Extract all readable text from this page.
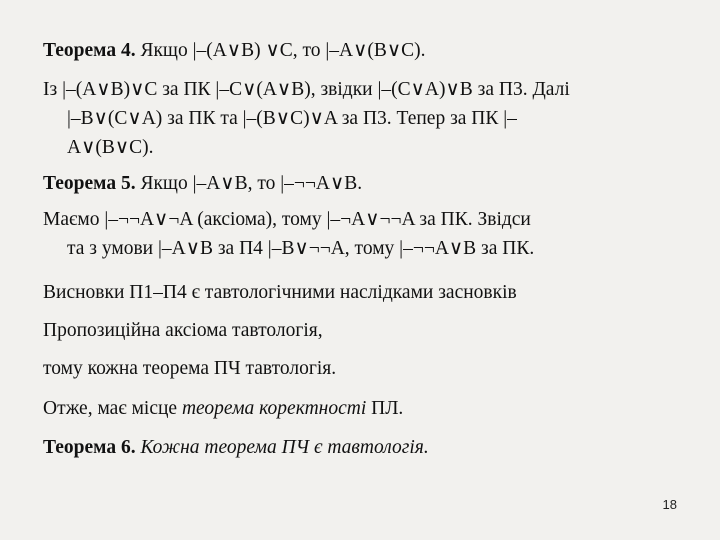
Теорема 4. Якщо |–(A∨B) ∨C, то |–A∨(B∨C).
Із |–(A∨B)∨C за ПК |–C∨(A∨B), звідки |–(C∨A)∨B за П3. Далі
|–B∨(C∨A) за ПК та |–(B∨C)∨A за П3. Тепер за ПК |–
A∨(B∨C).
Теорема 5. Якщо |–A∨B, то |–¬¬A∨B.
Маємо |–¬¬A∨¬A (аксіома), тому |–¬A∨¬¬A за ПК. Звідси
та з умови |–A∨B за П4 |–B∨¬¬A, тому |–¬¬A∨B за ПК.
Висновки П1–П4 є тавтологічними наслідками засновків
Пропозиційна аксіома тавтологія,
тому кожна теорема ПЧ тавтологія.
Отже, має місце теорема коректності ПЛ.
Теорема 6. Кожна теорема ПЧ є тавтологія.
18
